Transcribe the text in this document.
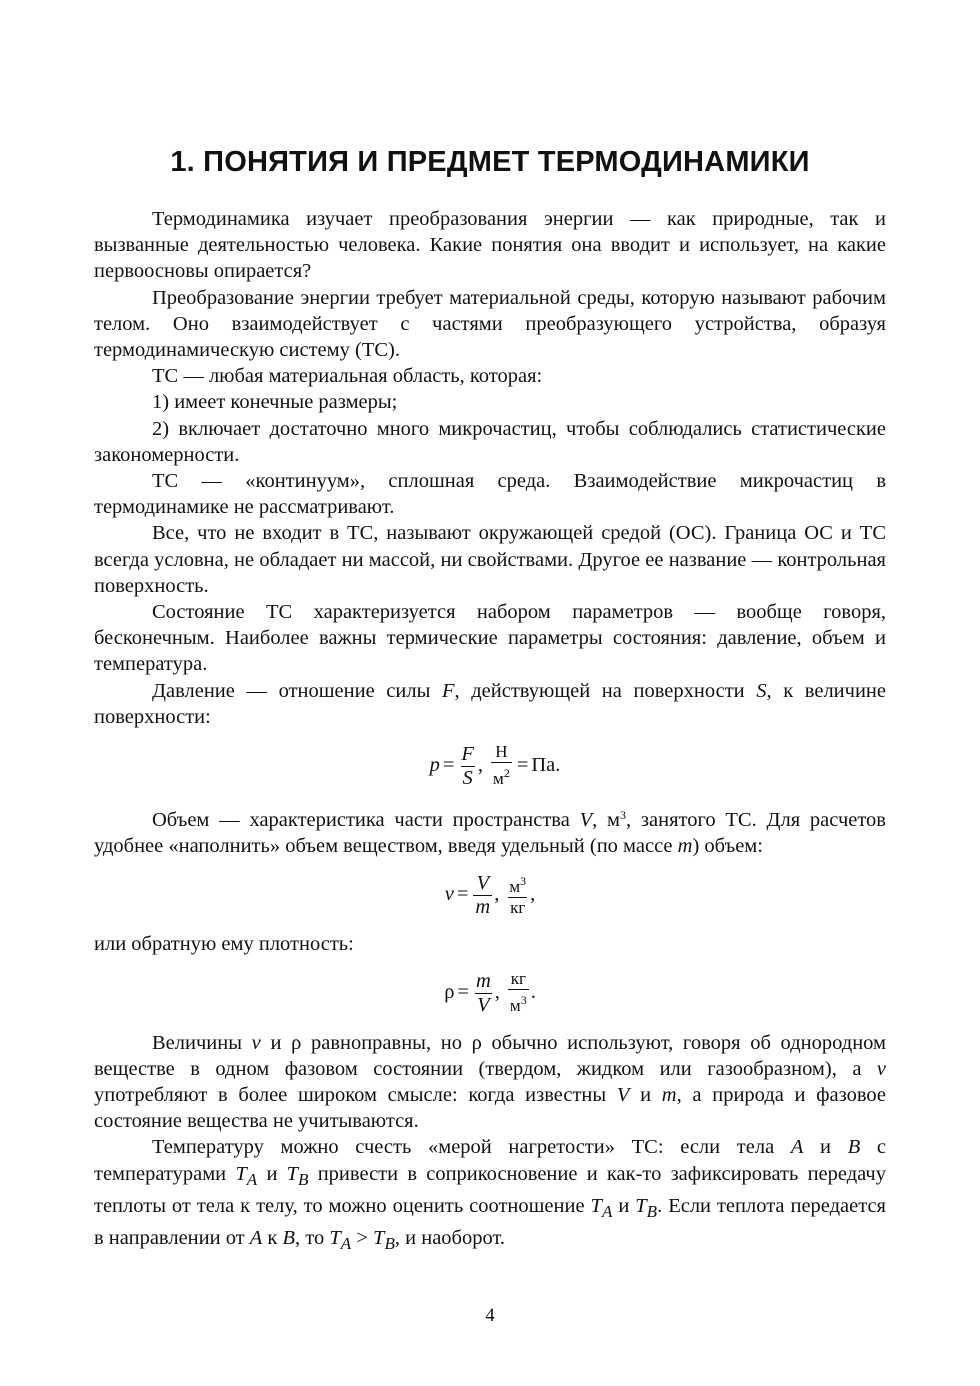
1. ПОНЯТИЯ И ПРЕДМЕТ ТЕРМОДИНАМИКИ

Термодинамика изучает преобразования энергии — как природные, так и вызванные деятельностью человека. Какие понятия она вводит и использует, на какие первоосновы опирается?

Преобразование энергии требует материальной среды, которую называют рабочим телом. Оно взаимодействует с частями преобразующего устройства, образуя термодинамическую систему (ТС).

ТС — любая материальная область, которая:

1) имеет конечные размеры;

2) включает достаточно много микрочастиц, чтобы соблюдались статистические закономерности.

ТС — «континуум», сплошная среда. Взаимодействие микрочастиц в термодинамике не рассматривают.

Все, что не входит в ТС, называют окружающей средой (ОС). Граница ОС и ТС всегда условна, не обладает ни массой, ни свойствами. Другое ее название — контрольная поверхность.

Состояние ТС характеризуется набором параметров — вообще говоря, бесконечным. Наиболее важны термические параметры состояния: давление, объем и температура.

Давление — отношение силы F, действующей на поверхности S, к величине поверхности:

$p = \frac{F}{S}$ , $\frac{Н}{м^2}$ = Па.

Объем — характеристика части пространства V, $м^3$, занятого ТС. Для расчетов удобнее «наполнить» объем веществом, введя удельный (по массе m) объем:

$v = \frac{V}{m}$ , $\frac{м^3}{кг}$ ,

или обратную ему плотность:

$\rho = \frac{m}{V}$ , $\frac{кг}{м^3}$ .

Величины v и ρ равноправны, но ρ обычно используют, говоря об однородном веществе в одном фазовом состоянии (твердом, жидком или газообразном), а v употребляют в более широком смысле: когда известны V и m, а природа и фазовое состояние вещества не учитываются.

Температуру можно счесть «мерой нагретости» ТС: если тела A и B с температурами $T_A$ и $T_B$ привести в соприкосновение и как-то зафиксировать передачу теплоты от тела к телу, то можно оценить соотношение $T_A$ и $T_B$. Если теплота передается в направлении от A к B, то $T_A > T_B$, и наоборот.

4
